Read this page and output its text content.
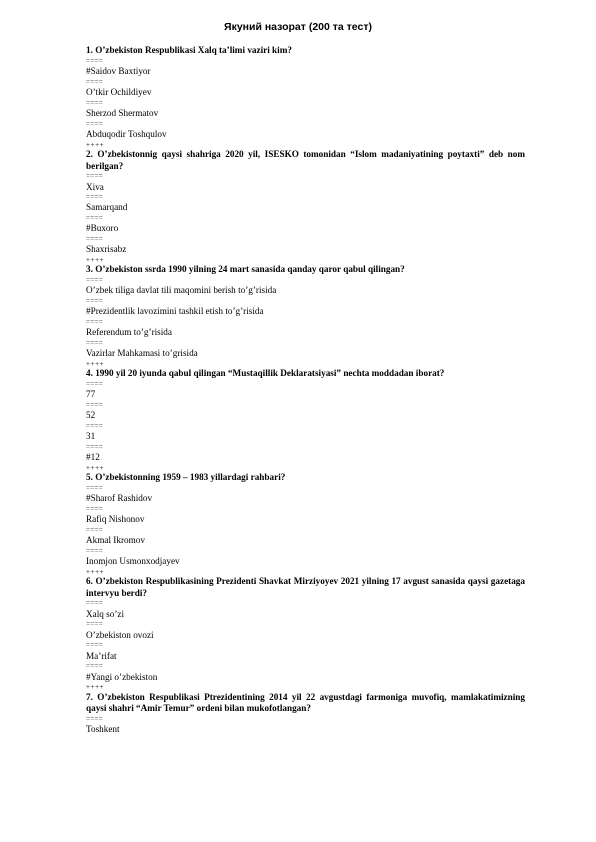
Якуний назорат (200 та тест)

1. O’zbekiston Respublikasi Xalq ta’limi vaziri kim?

====

#Saidov Baxtiyor

====

O’tkir Ochildiyev

====

Sherzod Shermatov

====

Abduqodir Toshqulov

++++

2. O’zbekistonnig qaysi shahriga 2020 yil, ISESKO tomonidan “Islom madaniyatining poytaxti” deb nom berilgan?

====

Xiva

====

Samarqand

====

#Buxoro

====

Shaxrisabz

++++

3. O’zbekiston ssrda 1990 yilning 24 mart sanasida qanday qaror qabul qilingan?

====

O’zbek tiliga davlat tili maqomini berish to’g’risida

====

#Prezidentlik lavozimini tashkil etish to’g’risida

====

Referendum to’g’risida

====

Vazirlar Mahkamasi to’grisida

++++

4. 1990 yil 20 iyunda qabul qilingan “Mustaqillik Deklaratsiyasi” nechta moddadan iborat?

====

77

====

52

====

31

====

#12

++++

5. O’zbekistonning 1959 – 1983 yillardagi rahbari?

====

#Sharof Rashidov

====

Rafiq Nishonov

====

Akmal Ikromov

====

Inomjon Usmonxodjayev

++++

6. O’zbekiston Respublikasining Prezidenti Shavkat Mirziyoyev 2021 yilning 17 avgust sanasida qaysi gazetaga intervyu berdi?

====

Xalq so’zi

====

O’zbekiston ovozi

====

Ma’rifat

====

#Yangi o’zbekiston

++++

7. O’zbekiston Respublikasi Ptrezidentining 2014 yil 22 avgustdagi farmoniga muvofiq, mamlakatimizning qaysi shahri “Amir Temur” ordeni bilan mukofotlangan?

====

Toshkent
